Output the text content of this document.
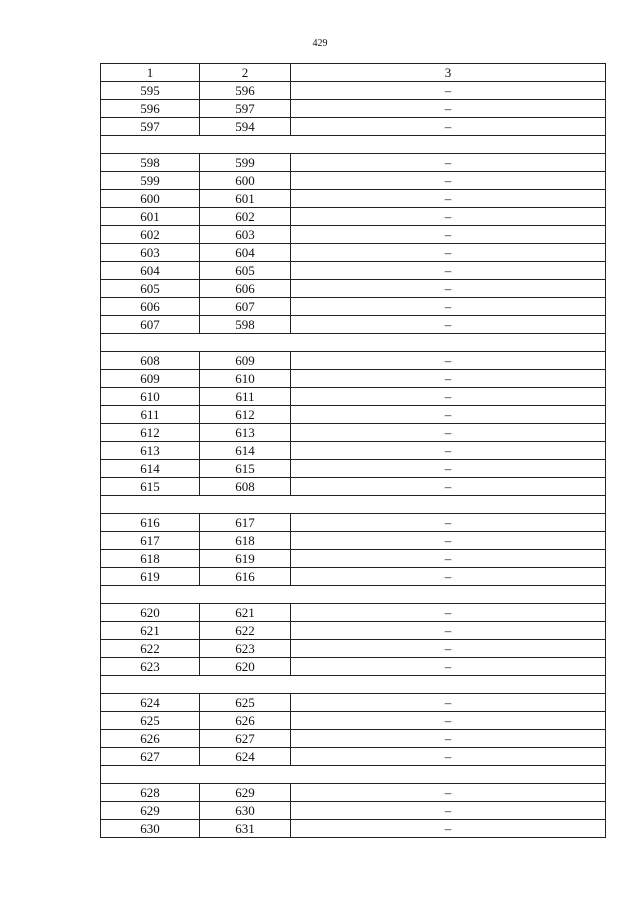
429
1	2	3
595	596	–
596	597	–
597	594	–

598	599	–
599	600	–
600	601	–
601	602	–
602	603	–
603	604	–
604	605	–
605	606	–
606	607	–
607	598	–

608	609	–
609	610	–
610	611	–
611	612	–
612	613	–
613	614	–
614	615	–
615	608	–

616	617	–
617	618	–
618	619	–
619	616	–

620	621	–
621	622	–
622	623	–
623	620	–

624	625	–
625	626	–
626	627	–
627	624	–

628	629	–
629	630	–
630	631	–
